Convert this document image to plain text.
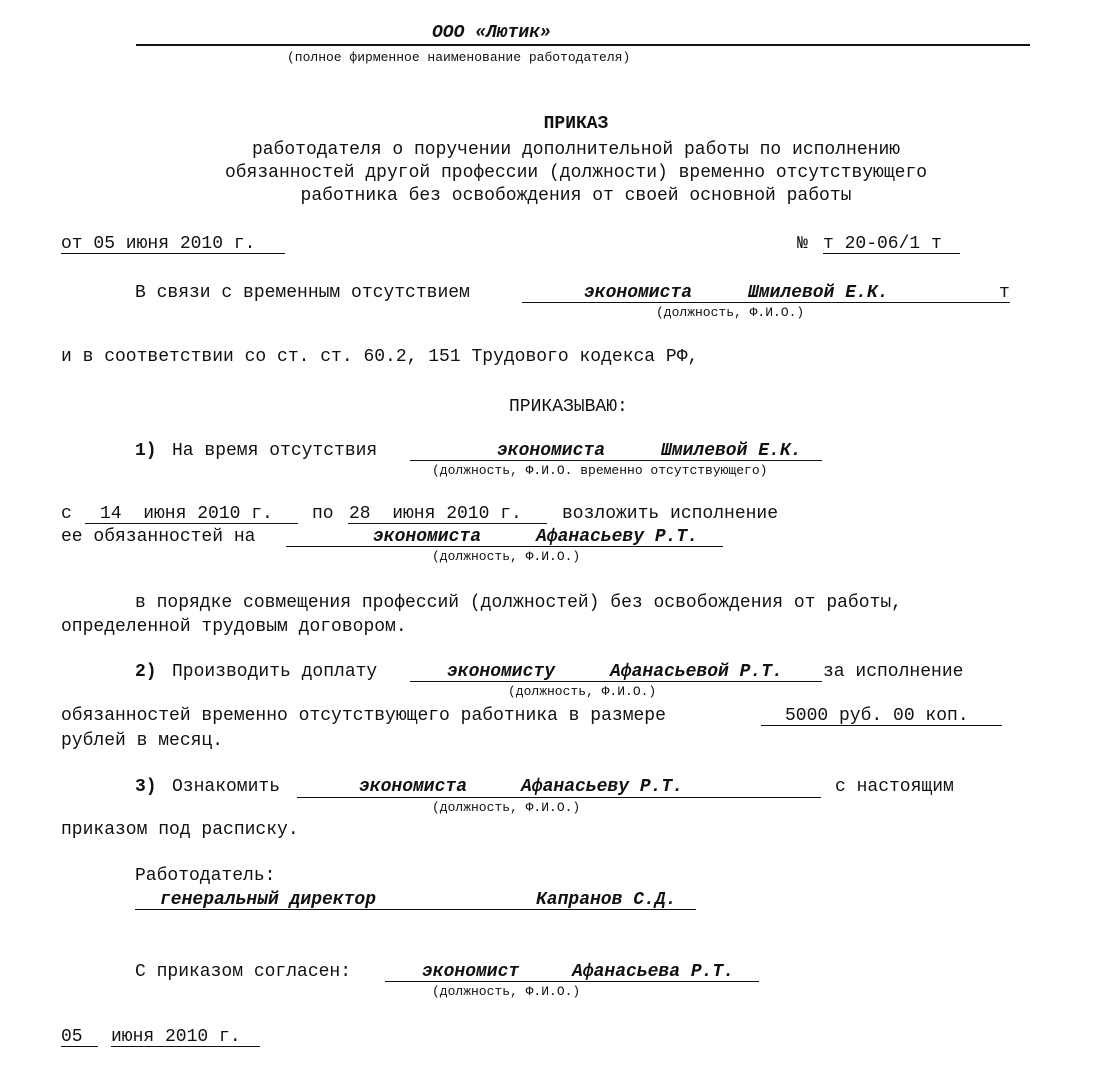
ООО «Лютик»
(полное фирменное наименование работодателя)
ПРИКАЗ
работодателя о поручении дополнительной работы по исполнению
обязанностей другой профессии (должности) временно отсутствующего
работника без освобождения от своей основной работы
от 05 июня 2010 г.	№ т 20-06/1 т
В связи с временным отсутствием	экономиста	Шмилевой Е.К.	т
(должность, Ф.И.О.)
и в соответствии со ст. ст. 60.2, 151 Трудового кодекса РФ,
ПРИКАЗЫВАЮ:
1) На время отсутствия	экономиста	Шмилевой Е.К.
(должность, Ф.И.О. временно отсутствующего)
с 14  июня 2010 г. по 28  июня 2010 г. возложить исполнение
ее обязанностей на	экономиста	Афанасьеву Р.Т.
(должность, Ф.И.О.)
в порядке совмещения профессий (должностей) без освобождения от работы,
определенной трудовым договором.
2) Производить доплату	экономисту	Афанасьевой Р.Т. за исполнение
(должность, Ф.И.О.)
обязанностей временно отсутствующего работника в размере	5000 руб. 00 коп.
рублей в месяц.
3) Ознакомить	экономиста	Афанасьеву Р.Т.	с настоящим
(должность, Ф.И.О.)
приказом под расписку.
Работодатель:
генеральный директор	Капранов С.Д.
С приказом согласен:	экономист	Афанасьева Р.Т.
(должность, Ф.И.О.)
05 июня 2010 г.
